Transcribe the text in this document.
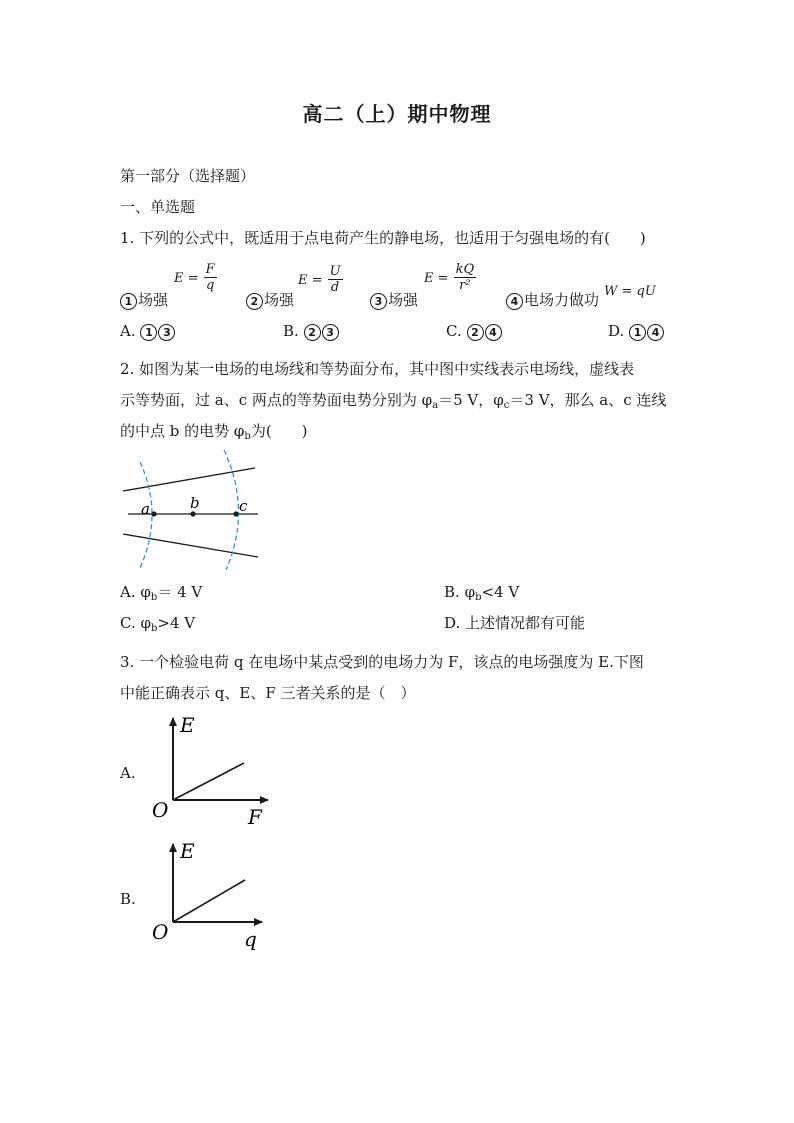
高二（上）期中物理
第一部分（选择题）
一、单选题
1. 下列的公式中，既适用于点电荷产生的静电场，也适用于匀强电场的有(　　)
$E = \frac{F}{q}$
1 场强
$E = \frac{U}{d}$
2 场强
$E = \frac{kQ}{\text{r²}}$
3 场强	4 电场力做功 W = qU
A. 1 3	B. 2 3	C. 2 4	D. 1 4
2. 如图为某一电场的电场线和等势面分布，其中图中实线表示电场线，虚线表
示等势面，过 a、c 两点的等势面电势分别为 $\varphi_a=5$ V，$\varphi_c=3$ V，那么 a、c 连线
的中点 b 的电势 $\varphi_b$为(　　)
a	b	c
A. $\varphi_b= 4$ V	B. $\varphi_b<4$ V
C. $\varphi_b>4$ V	D. 上述情况都有可能
3. 一个检验电荷 q 在电场中某点受到的电场力为 F，该点的电场强度为 E.下图
中能正确表示 q、E、F 三者关系的是（　）
A.
E
O	F
B.
E
O	q
